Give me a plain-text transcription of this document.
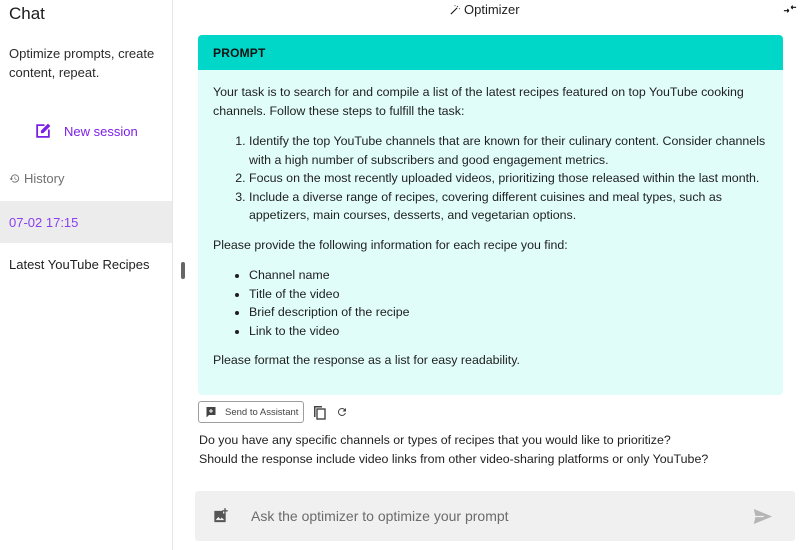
Chat
Optimize prompts, create content, repeat.
New session
History
07-02 17:15
Latest YouTube Recipes
Optimizer
PROMPT

Your task is to search for and compile a list of the latest recipes featured on top YouTube cooking channels. Follow these steps to fulfill the task:

1. Identify the top YouTube channels that are known for their culinary content. Consider channels with a high number of subscribers and good engagement metrics.
2. Focus on the most recently uploaded videos, prioritizing those released within the last month.
3. Include a diverse range of recipes, covering different cuisines and meal types, such as appetizers, main courses, desserts, and vegetarian options.

Please provide the following information for each recipe you find:

• Channel name
• Title of the video
• Brief description of the recipe
• Link to the video

Please format the response as a list for easy readability.

Send to Assistant
Do you have any specific channels or types of recipes that you would like to prioritize?
Should the response include video links from other video-sharing platforms or only YouTube?
Ask the optimizer to optimize your prompt
